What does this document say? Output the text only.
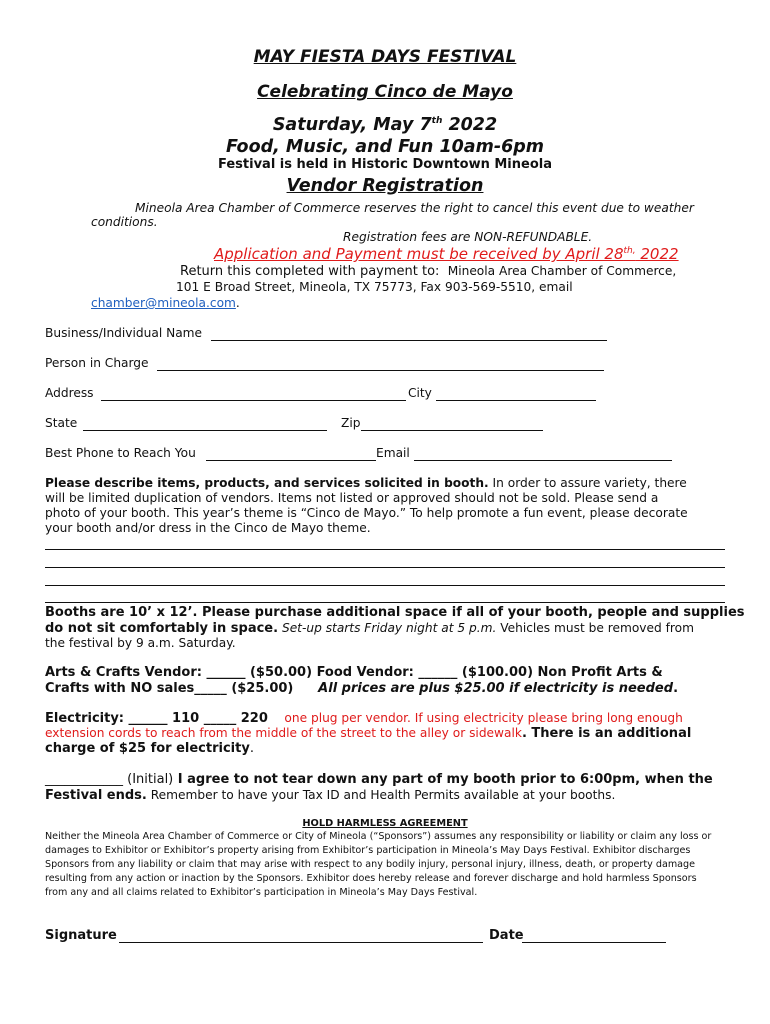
MAY FIESTA DAYS FESTIVAL
Celebrating Cinco de Mayo
Saturday, May 7th 2022
Food, Music, and Fun 10am-6pm
Festival is held in Historic Downtown Mineola
Vendor Registration
Mineola Area Chamber of Commerce reserves the right to cancel this event due to weather
conditions.
Registration fees are NON-REFUNDABLE.
Application and Payment must be received by April $28^{th,}$ 2022
Return this completed with payment to: Mineola Area Chamber of Commerce,
101 E Broad Street, Mineola, TX 75773, Fax 903-569-5510, email
chamber@mineola.com.
Business/Individual Name
Person in Charge
Address	City
State	Zip
Best Phone to Reach You	Email
Please describe items, products, and services solicited in booth. In order to assure variety, there
will be limited duplication of vendors. Items not listed or approved should not be sold. Please send a
photo of your booth. This year’s theme is “Cinco de Mayo.” To help promote a fun event, please decorate
your booth and/or dress in the Cinco de Mayo theme.
Booths are 10’ x 12’. Please purchase additional space if all of your booth, people and supplies
do not sit comfortably in space. Set-up starts Friday night at 5 p.m. Vehicles must be removed from
the festival by 9 a.m. Saturday.
Arts & Crafts Vendor: ______ ($50.00) Food Vendor: ______ ($100.00) Non Profit Arts &
Crafts with NO sales_____ ($25.00) All prices are plus $25.00 if electricity is needed.
Electricity: ______ 110 _____ 220 one plug per vendor. If using electricity please bring long enough
extension cords to reach from the middle of the street to the alley or sidewalk. There is an additional
charge of $25 for electricity.
____________ (Initial) I agree to not tear down any part of my booth prior to 6:00pm, when the
Festival ends. Remember to have your Tax ID and Health Permits available at your booths.
HOLD HARMLESS AGREEMENT
Neither the Mineola Area Chamber of Commerce or City of Mineola (“Sponsors”) assumes any responsibility or liability or claim any loss or damages to Exhibitor or Exhibitor’s property arising from Exhibitor’s participation in Mineola’s May Days Festival. Exhibitor discharges Sponsors from any liability or claim that may arise with respect to any bodily injury, personal injury, illness, death, or property damage resulting from any action or inaction by the Sponsors. Exhibitor does hereby release and forever discharge and hold harmless Sponsors from any and all claims related to Exhibitor’s participation in Mineola’s May Days Festival.
Signature	Date
